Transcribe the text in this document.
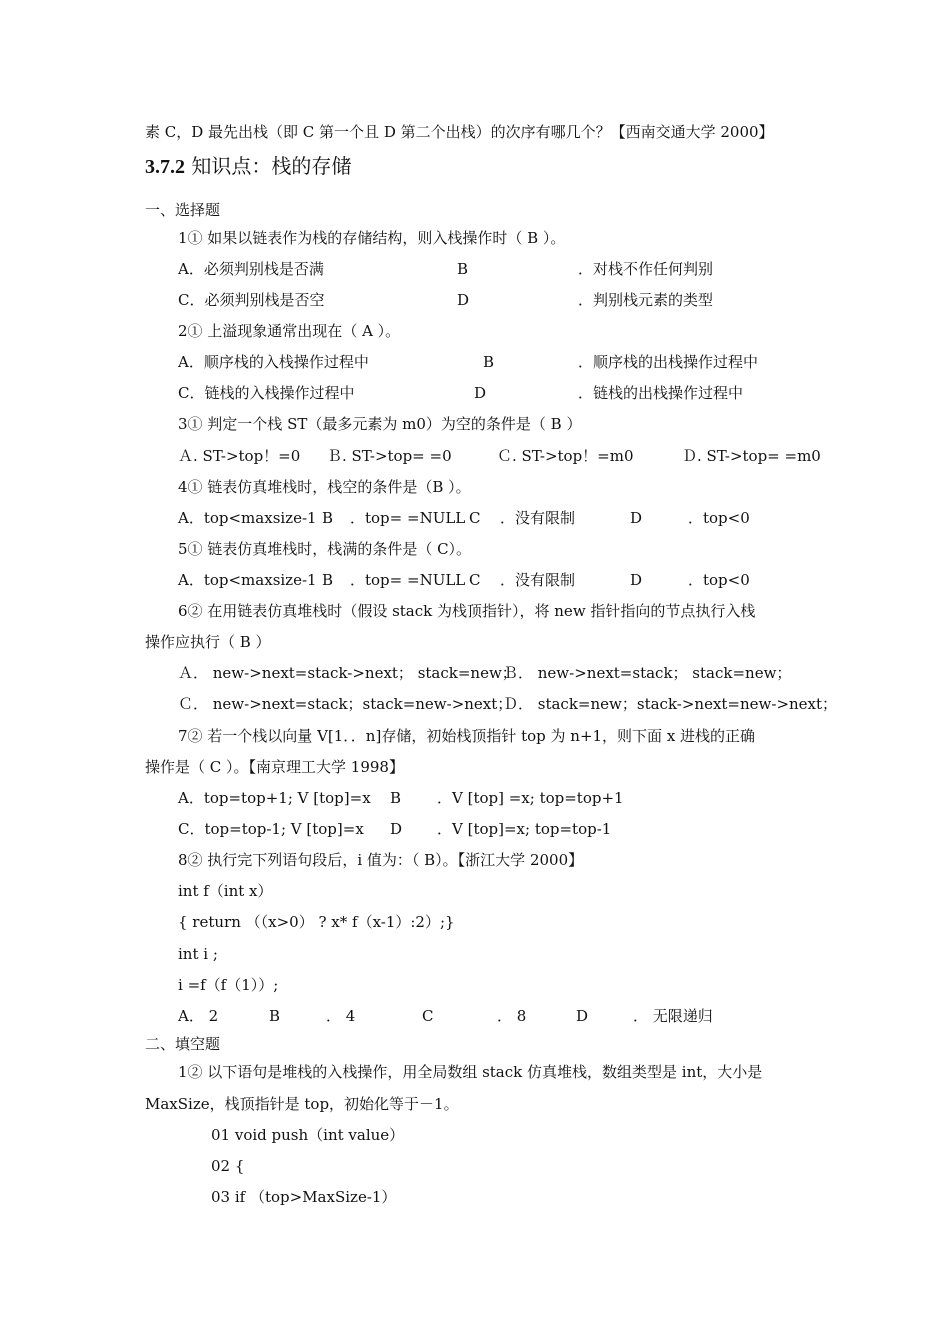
素 C，D 最先出栈（即 C 第一个且 D 第二个出栈）的次序有哪几个？【西南交通大学 2000】
3.7.2 知识点：栈的存储
一、选择题
1① 如果以链表作为栈的存储结构，则入栈操作时（ B ）。
A．必须判别栈是否满	B	．对栈不作任何判别
C．必须判别栈是否空	D	．判别栈元素的类型
2① 上溢现象通常出现在（ A ）。
A．顺序栈的入栈操作过程中	B	．顺序栈的出栈操作过程中
C．链栈的入栈操作过程中	D	．链栈的出栈操作过程中
3① 判定一个栈 ST（最多元素为 m0）为空的条件是（ B ）
Ａ. ST->top！=0 Ｂ. ST->top= =0	Ｃ. ST->top！=m0	Ｄ. ST->top= =m0
4① 链表仿真堆栈时，栈空的条件是（B ）。
A．top<maxsize-1 B ．top= =NULL C ．没有限制	D	．top<0
5① 链表仿真堆栈时，栈满的条件是（ C）。
A．top<maxsize-1 B ．top= =NULL C ．没有限制	D	．top<0
6② 在用链表仿真堆栈时（假设 stack 为栈顶指针），将 new 指针指向的节点执行入栈
操作应执行（ B ）
Ａ． new->next=stack->next； stack=new；
Ｂ． new->next=stack； stack=new；
Ｃ． new->next=stack；stack=new->next；
Ｄ． stack=new；stack->next=new->next；
7② 若一个栈以向量 V[1．．n]存储，初始栈顶指针 top 为 n+1，则下面 x 进栈的正确
操作是（ C ）。【南京理工大学 1998】
A．top=top+1; V [top]=x B ．V [top] =x; top=top+1
C．top=top-1; V [top]=x D ．V [top]=x; top=top-1
8② 执行完下列语句段后，i 值为：（ B）。【浙江大学 2000】
int f（int x）
{ return （（x>0） ? x* f（x-1）:2）;}
int i ;
i =f（f（1））;
A． 2	B	． 4	C	． 8	D	． 无限递归
二、填空题
1② 以下语句是堆栈的入栈操作，用全局数组 stack 仿真堆栈，数组类型是 int，大小是
MaxSize，栈顶指针是 top，初始化等于－1。
01 void push（int value）
02 {
03 if （top>MaxSize-1）
